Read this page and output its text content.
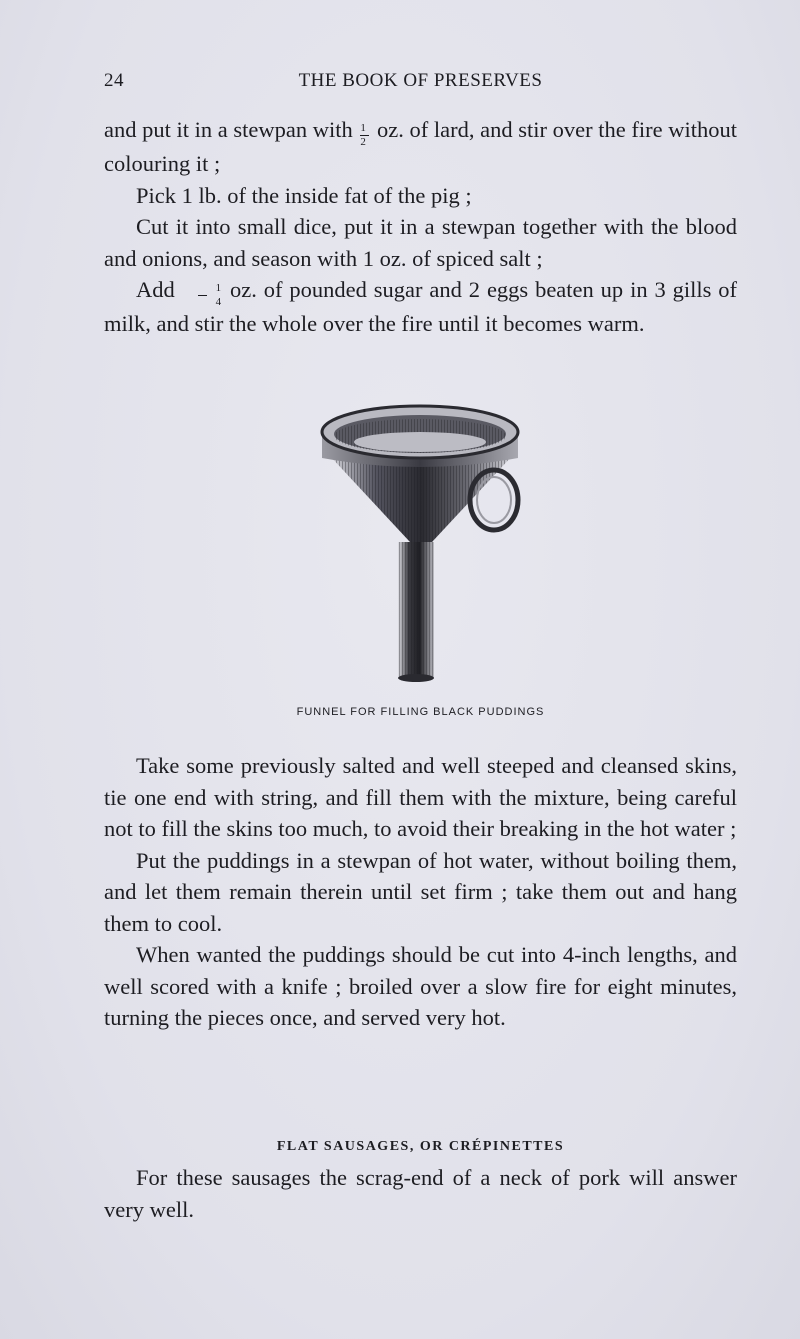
24	THE BOOK OF PRESERVES

and put it in a stewpan with $\frac{1}{2}$ oz. of lard, and stir over the fire without colouring it ;

Pick 1 lb. of the inside fat of the pig ;

Cut it into small dice, put it in a stewpan together with the blood and onions, and season with 1 oz. of spiced salt ;

Add $\frac{1}{4}$ oz. of pounded sugar and 2 eggs beaten up in 3 gills of milk, and stir the whole over the fire until it becomes warm.

FUNNEL FOR FILLING BLACK PUDDINGS

Take some previously salted and well steeped and cleansed skins, tie one end with string, and fill them with the mixture, being careful not to fill the skins too much, to avoid their breaking in the hot water ;

Put the puddings in a stewpan of hot water, without boiling them, and let them remain therein until set firm ; take them out and hang them to cool.

When wanted the puddings should be cut into 4-inch lengths, and well scored with a knife ; broiled over a slow fire for eight minutes, turning the pieces once, and served very hot.

FLAT SAUSAGES, OR CRÉPINETTES

For these sausages the scrag-end of a neck of pork will answer very well.
